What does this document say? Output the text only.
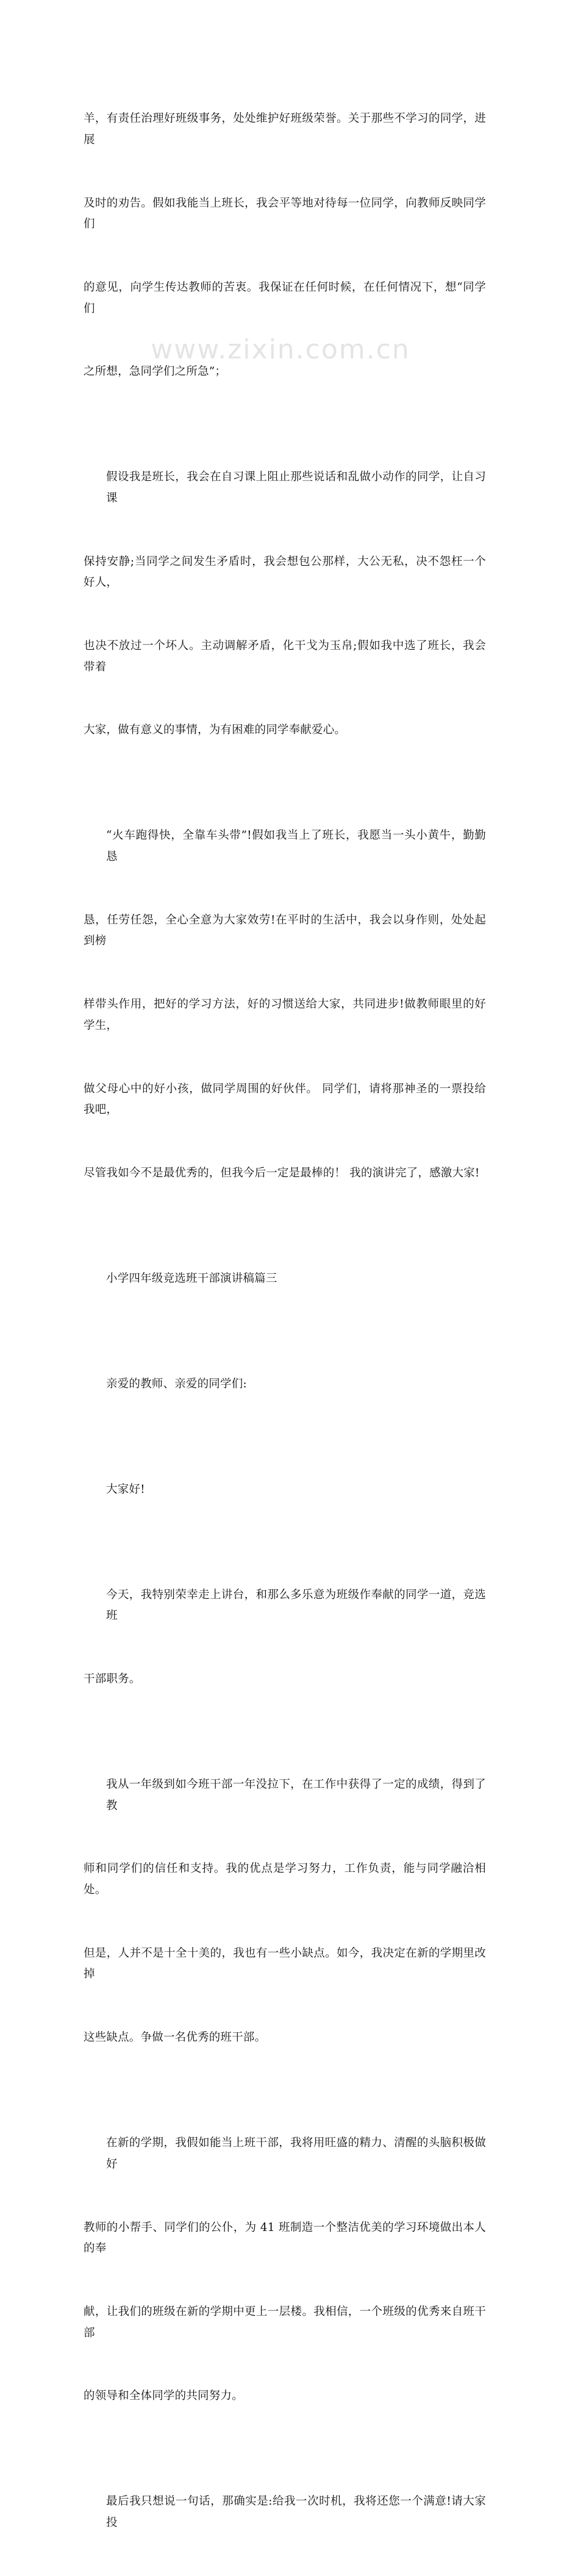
羊，有责任治理好班级事务，处处维护好班级荣誉。关于那些不学习的同学，进展

及时的劝告。假如我能当上班长，我会平等地对待每一位同学，向教师反映同学们

的意见，向学生传达教师的苦衷。我保证在任何时候，在任何情况下，想“同学们

之所想，急同学们之所急”；

假设我是班长，我会在自习课上阻止那些说话和乱做小动作的同学，让自习课

保持安静;当同学之间发生矛盾时，我会想包公那样，大公无私，决不怨枉一个好人，

也决不放过一个坏人。主动调解矛盾，化干戈为玉帛;假如我中选了班长，我会带着

大家，做有意义的事情，为有困难的同学奉献爱心。

“火车跑得快，全靠车头带”!假如我当上了班长，我愿当一头小黄牛，勤勤恳

恳，任劳任怨，全心全意为大家效劳!在平时的生活中，我会以身作则，处处起到榜

样带头作用，把好的学习方法，好的习惯送给大家，共同进步!做教师眼里的好学生，

做父母心中的好小孩，做同学周围的好伙伴。 同学们，请将那神圣的一票投给我吧，

尽管我如今不是最优秀的，但我今后一定是最棒的！ 我的演讲完了，感激大家!

小学四年级竞选班干部演讲稿篇三

亲爱的教师、亲爱的同学们:

大家好!

今天，我特别荣幸走上讲台，和那么多乐意为班级作奉献的同学一道，竞选班

干部职务。

我从一年级到如今班干部一年没拉下，在工作中获得了一定的成绩，得到了教

师和同学们的信任和支持。我的优点是学习努力，工作负责，能与同学融洽相处。

但是，人并不是十全十美的，我也有一些小缺点。如今，我决定在新的学期里改掉

这些缺点。争做一名优秀的班干部。

在新的学期，我假如能当上班干部，我将用旺盛的精力、清醒的头脑积极做好

教师的小帮手、同学们的公仆，为 41 班制造一个整洁优美的学习环境做出本人的奉

献，让我们的班级在新的学期中更上一层楼。我相信，一个班级的优秀来自班干部

的领导和全体同学的共同努力。

最后我只想说一句话，那确实是:给我一次时机，我将还您一个满意!请大家投

www.zixin.com.cn
